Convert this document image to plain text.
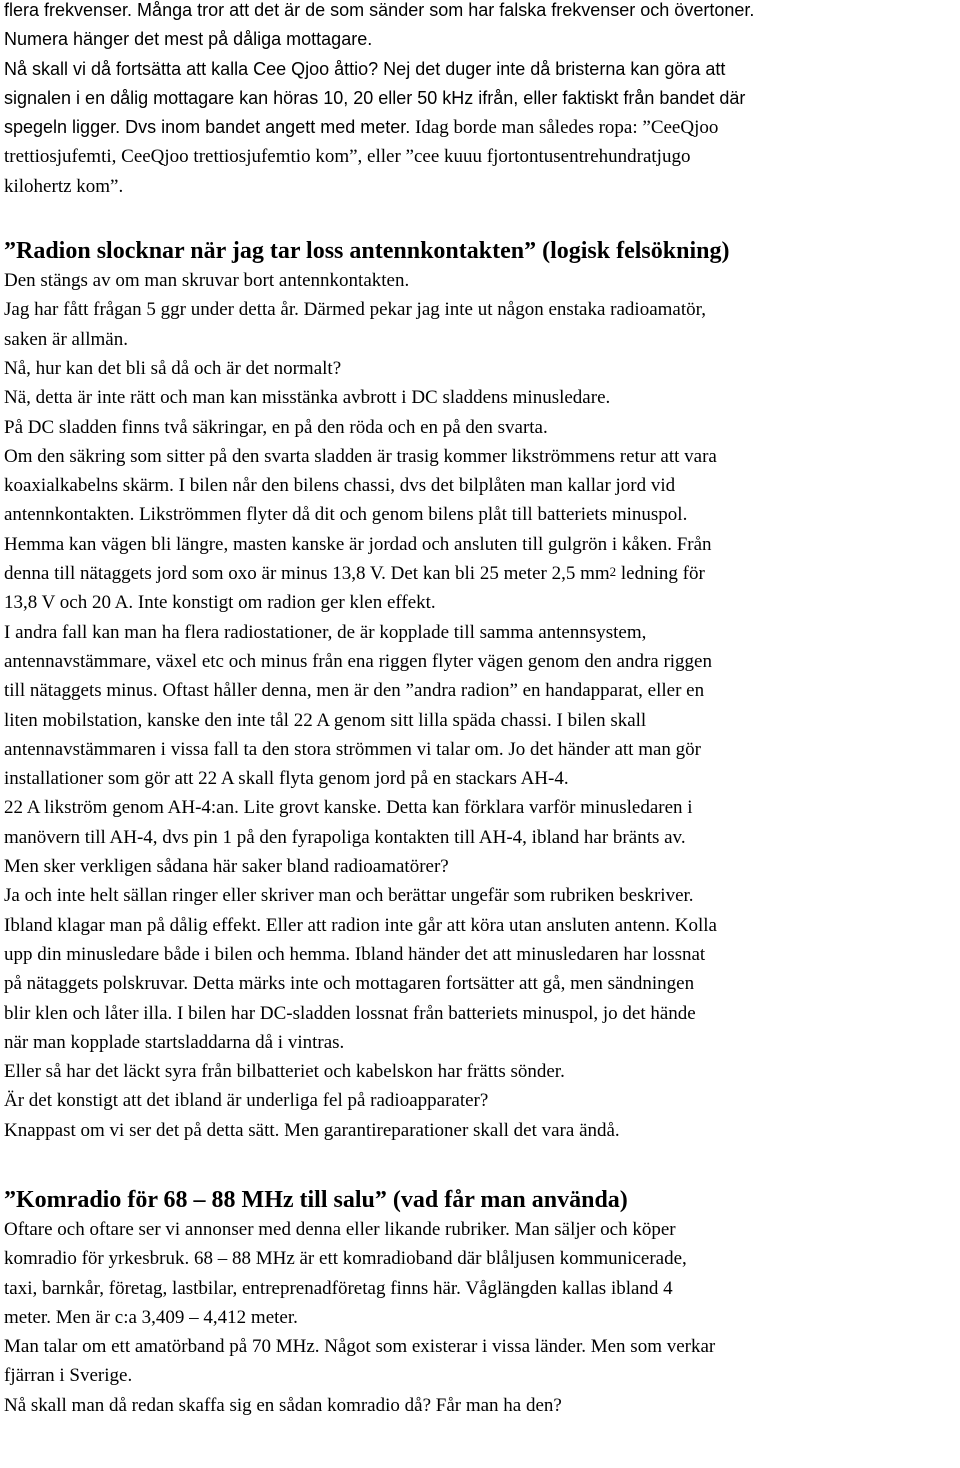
flera frekvenser. Många tror att det är de som sänder som har falska frekvenser och övertoner.
Numera hänger det mest på dåliga mottagare.
Nå skall vi då fortsätta att kalla Cee Qjoo åttio? Nej det duger inte då bristerna kan göra att
signalen i en dålig mottagare kan höras 10, 20 eller 50 kHz ifrån, eller faktiskt från bandet där
spegeln ligger. Dvs inom bandet angett med meter. Idag borde man således ropa: ”CeeQjoo
trettiosjufemti, CeeQjoo trettiosjufemtio kom”, eller ”cee kuuu fjortontusentrehundratjugo
kilohertz kom”.
”Radion slocknar när jag tar loss antennkontakten” (logisk felsökning)
Den stängs av om man skruvar bort antennkontakten.
Jag har fått frågan 5 ggr under detta år. Därmed pekar jag inte ut någon enstaka radioamatör,
saken är allmän.
Nå, hur kan det bli så då och är det normalt?
Nä, detta är inte rätt och man kan misstänka avbrott i DC sladdens minusledare.
På DC sladden finns två säkringar, en på den röda och en på den svarta.
Om den säkring som sitter på den svarta sladden är trasig kommer likströmmens retur att vara
koaxialkabelns skärm. I bilen når den bilens chassi, dvs det bilplåten man kallar jord vid
antennkontakten. Likströmmen flyter då dit och genom bilens plåt till batteriets minuspol.
Hemma kan vägen bli längre, masten kanske är jordad och ansluten till gulgrön i kåken. Från
denna till nätaggets jord som oxo är minus 13,8 V. Det kan bli 25 meter 2,5 $mm^2$ ledning för
13,8 V och 20 A. Inte konstigt om radion ger klen effekt.
I andra fall kan man ha flera radiostationer, de är kopplade till samma antennsystem,
antennavstämmare, växel etc och minus från ena riggen flyter vägen genom den andra riggen
till nätaggets minus. Oftast håller denna, men är den ”andra radion” en handapparat, eller en
liten mobilstation, kanske den inte tål 22 A genom sitt lilla späda chassi. I bilen skall
antennavstämmaren i vissa fall ta den stora strömmen vi talar om. Jo det händer att man gör
installationer som gör att 22 A skall flyta genom jord på en stackars AH-4.
22 A likström genom AH-4:an. Lite grovt kanske. Detta kan förklara varför minusledaren i
manövern till AH-4, dvs pin 1 på den fyrapoliga kontakten till AH-4, ibland har bränts av.
Men sker verkligen sådana här saker bland radioamatörer?
Ja och inte helt sällan ringer eller skriver man och berättar ungefär som rubriken beskriver.
Ibland klagar man på dålig effekt. Eller att radion inte går att köra utan ansluten antenn. Kolla
upp din minusledare både i bilen och hemma. Ibland händer det att minusledaren har lossnat
på nätaggets polskruvar. Detta märks inte och mottagaren fortsätter att gå, men sändningen
blir klen och låter illa. I bilen har DC-sladden lossnat från batteriets minuspol, jo det hände
när man kopplade startsladdarna då i vintras.
Eller så har det läckt syra från bilbatteriet och kabelskon har frätts sönder.
Är det konstigt att det ibland är underliga fel på radioapparater?
Knappast om vi ser det på detta sätt. Men garantireparationer skall det vara ändå.
”Komradio för 68 – 88 MHz till salu” (vad får man använda)
Oftare och oftare ser vi annonser med denna eller likande rubriker. Man säljer och köper
komradio för yrkesbruk. 68 – 88 MHz är ett komradioband där blåljusen kommunicerade,
taxi, barnkår, företag, lastbilar, entreprenadföretag finns här. Våglängden kallas ibland 4
meter. Men är c:a 3,409 – 4,412 meter.
Man talar om ett amatörband på 70 MHz. Något som existerar i vissa länder. Men som verkar
fjärran i Sverige.
Nå skall man då redan skaffa sig en sådan komradio då? Får man ha den?
